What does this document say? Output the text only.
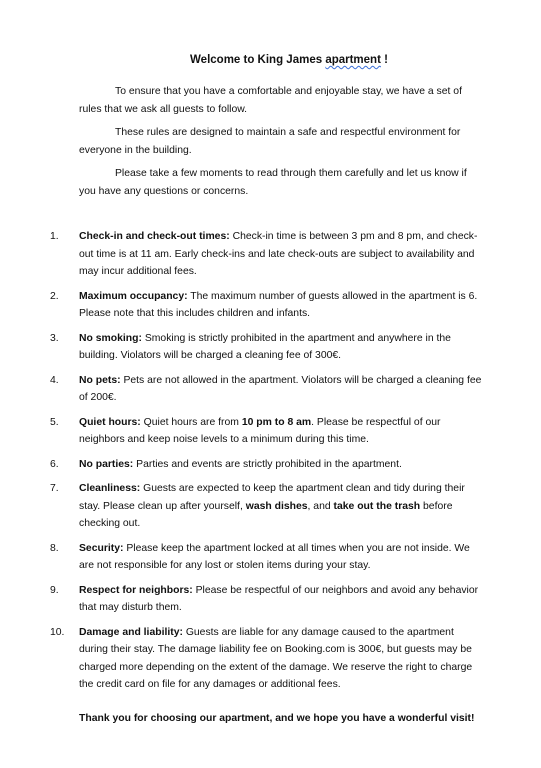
Welcome to King James apartment !

To ensure that you have a comfortable and enjoyable stay, we have a set of rules that we ask all guests to follow.

These rules are designed to maintain a safe and respectful environment for everyone in the building.

Please take a few moments to read through them carefully and let us know if you have any questions or concerns.

1. Check-in and check-out times: Check-in time is between 3 pm and 8 pm, and check-out time is at 11 am. Early check-ins and late check-outs are subject to availability and may incur additional fees.
2. Maximum occupancy: The maximum number of guests allowed in the apartment is 6. Please note that this includes children and infants.
3. No smoking: Smoking is strictly prohibited in the apartment and anywhere in the building. Violators will be charged a cleaning fee of 300€.
4. No pets: Pets are not allowed in the apartment. Violators will be charged a cleaning fee of 200€.
5. Quiet hours: Quiet hours are from 10 pm to 8 am. Please be respectful of our neighbors and keep noise levels to a minimum during this time.
6. No parties: Parties and events are strictly prohibited in the apartment.
7. Cleanliness: Guests are expected to keep the apartment clean and tidy during their stay. Please clean up after yourself, wash dishes, and take out the trash before checking out.
8. Security: Please keep the apartment locked at all times when you are not inside. We are not responsible for any lost or stolen items during your stay.
9. Respect for neighbors: Please be respectful of our neighbors and avoid any behavior that may disturb them.
10. Damage and liability: Guests are liable for any damage caused to the apartment during their stay. The damage liability fee on Booking.com is 300€, but guests may be charged more depending on the extent of the damage. We reserve the right to charge the credit card on file for any damages or additional fees.

Thank you for choosing our apartment, and we hope you have a wonderful visit!
